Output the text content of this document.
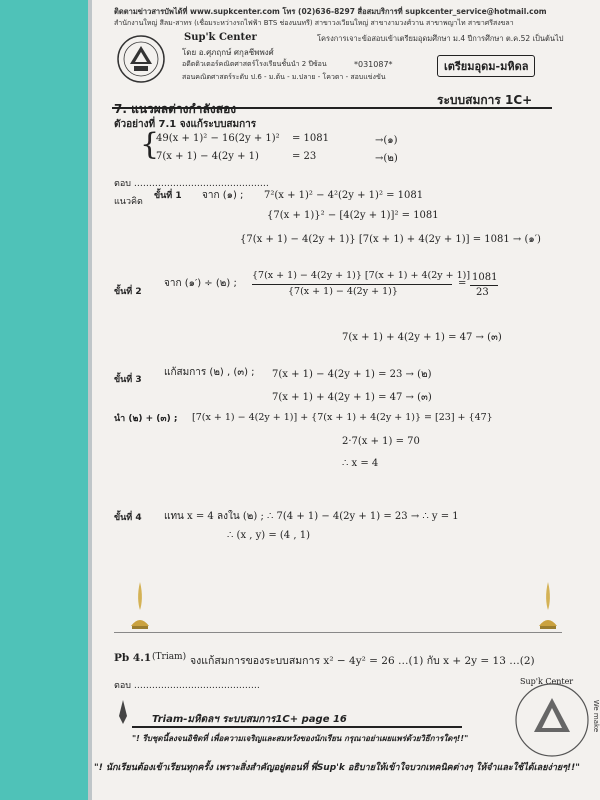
ติดตามข่าวสารบัพได้ที่ www.supkcenter.com โทร (02)636-8297 สื่อสมบริการที่ supkcenter_service@hotmail.com
สำนักงานใหญ่ สีลม-สาทร (เชื่อมระหว่างรถไฟฟ้า BTS ช่องนนทรี) สาขาวงเวียนใหญ่ สาขางามวงศ์วาน สาขาพญาไท สาขาศรีสงขลา
Sup'k Center
โดย อ.ศุภฤกษ์ ศกุลชีพพงศ์
อดีตติวเตอร์คณิตศาสตร์โรงเรียนชั้นนำ 2 ปีซ้อน
สอนคณิตศาสตร์ระดับ ป.6 - ม.ต้น - ม.ปลาย - โควตา - สอบแข่งขัน
โครงการเจาะข้อสอบเข้าเตรียมอุดมศึกษา ม.4 ปีการศึกษา ต.ค.52 เป็นต้นไป
*031087*	เตรียมอุดม-มหิดล
ระบบสมการ 1C+
7. แนวผลต่างกำลังสอง
ตัวอย่างที่ 7.1 จงแก้ระบบสมการ
{
49(x + 1)² − 16(2y + 1)² = 1081	→(๑)
7(x + 1) − 4(2y + 1)	= 23	→(๒)
ตอบ ………………………………………
แนวคิด
ขั้นที่ 1 จาก (๑) ; 7²(x + 1)² − 4²(2y + 1)² = 1081
{7(x + 1)}² − [4(2y + 1)]² = 1081
{7(x + 1) − 4(2y + 1)} [7(x + 1) + 4(2y + 1)] = 1081 → (๑′)
ขั้นที่ 2
จาก (๑′) ÷ (๒) ;
{7(x + 1) − 4(2y + 1)} [7(x + 1) + 4(2y + 1)]
{7(x + 1) − 4(2y + 1)}
=
1081
23
7(x + 1) + 4(2y + 1) = 47 → (๓)
ขั้นที่ 3
แก้สมการ (๒) , (๓) ; 7(x + 1) − 4(2y + 1) = 23 → (๒)
7(x + 1) + 4(2y + 1) = 47 → (๓)
นำ (๒) + (๓) ; [7(x + 1) − 4(2y + 1)] + {7(x + 1) + 4(2y + 1)} = [23] + {47}
2·7(x + 1) = 70
∴ x = 4
ขั้นที่ 4 แทน x = 4 ลงใน (๒) ; ∴ 7(4 + 1) − 4(2y + 1) = 23 → ∴ y = 1
∴ (x , y) = (4 , 1)
Pb 4.1 (Triam) จงแก้สมการของระบบสมการ x² − 4y² = 26 …(1) กับ x + 2y = 13 …(2)
ตอบ ……………………………………
Triam-มหิดลฯ ระบบสมการ1C+ page 16
"! รีบชุดนี้ลงจนอิชิดที่ เพื่อความเจริญและสมหวังของนักเรียน กรุณาอย่าเผยแพร่ด้วยวิธีการใดๆ!!"
Sup'k Center
We make
"! นักเรียนต้องเข้าเรียนทุกครั้ง เพราะสิ่งสำคัญอยู่ตอนที่ พี่Sup'k อธิบายให้เข้าใจบวกเทคนิคต่างๆ ให้จำและใช้ได้เลยง่ายๆ!!"
